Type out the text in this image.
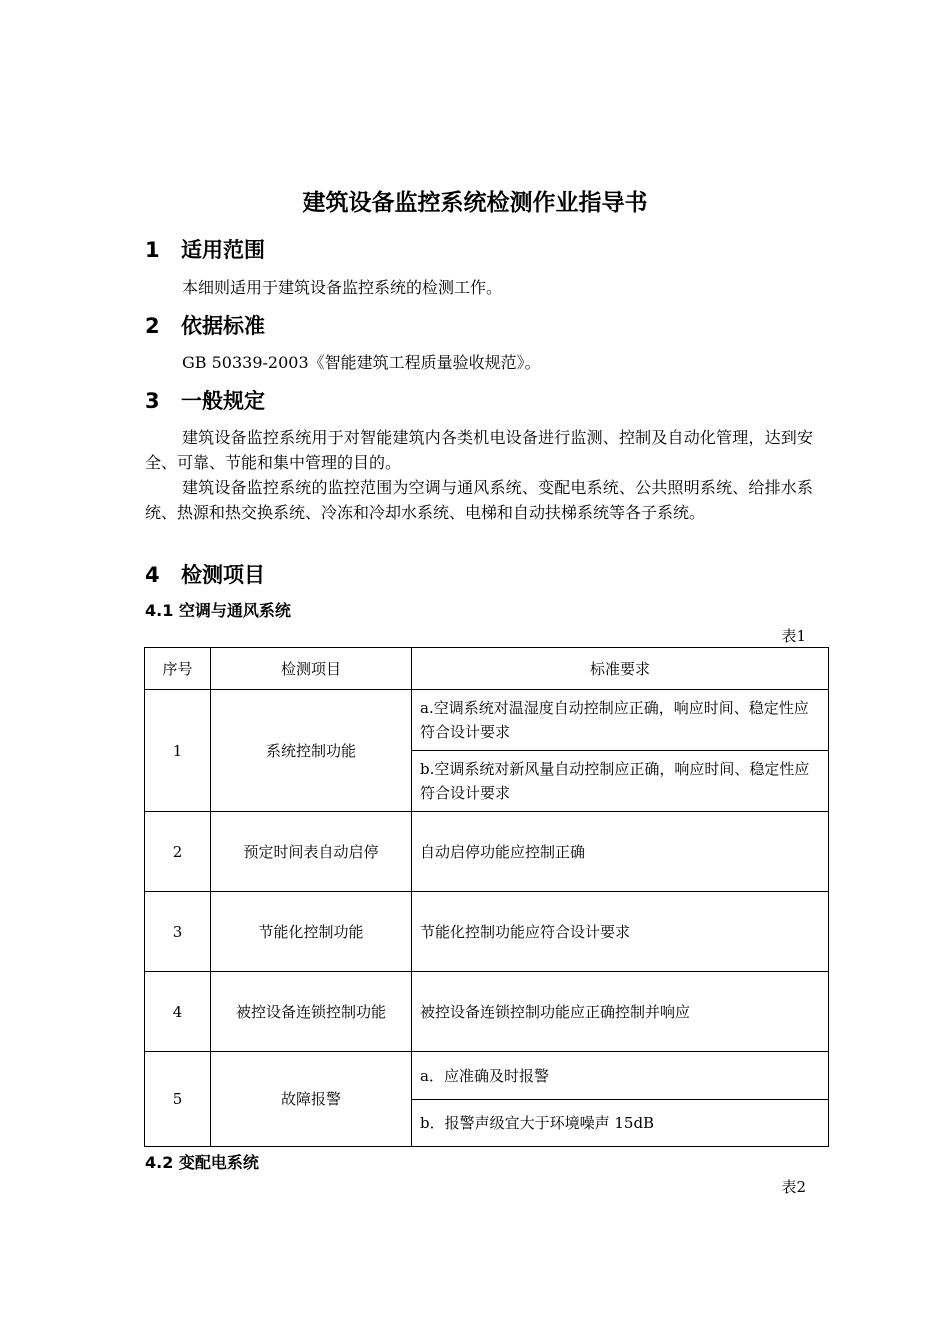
建筑设备监控系统检测作业指导书
1 适用范围
本细则适用于建筑设备监控系统的检测工作。
2 依据标准
GB 50339-2003《智能建筑工程质量验收规范》。
3 一般规定
建筑设备监控系统用于对智能建筑内各类机电设备进行监测、控制及自动化管理，达到安全、可靠、节能和集中管理的目的。
建筑设备监控系统的监控范围为空调与通风系统、变配电系统、公共照明系统、给排水系统、热源和热交换系统、冷冻和冷却水系统、电梯和自动扶梯系统等各子系统。
4 检测项目
4.1 空调与通风系统
表1
序号	检测项目	标准要求
1	系统控制功能	a.空调系统对温湿度自动控制应正确，响应时间、稳定性应符合设计要求
		b.空调系统对新风量自动控制应正确，响应时间、稳定性应符合设计要求
2	预定时间表自动启停	自动启停功能应控制正确
3	节能化控制功能	节能化控制功能应符合设计要求
4	被控设备连锁控制功能	被控设备连锁控制功能应正确控制并响应
5	故障报警	a．应准确及时报警
		b．报警声级宜大于环境噪声 15dB
4.2 变配电系统
表2
